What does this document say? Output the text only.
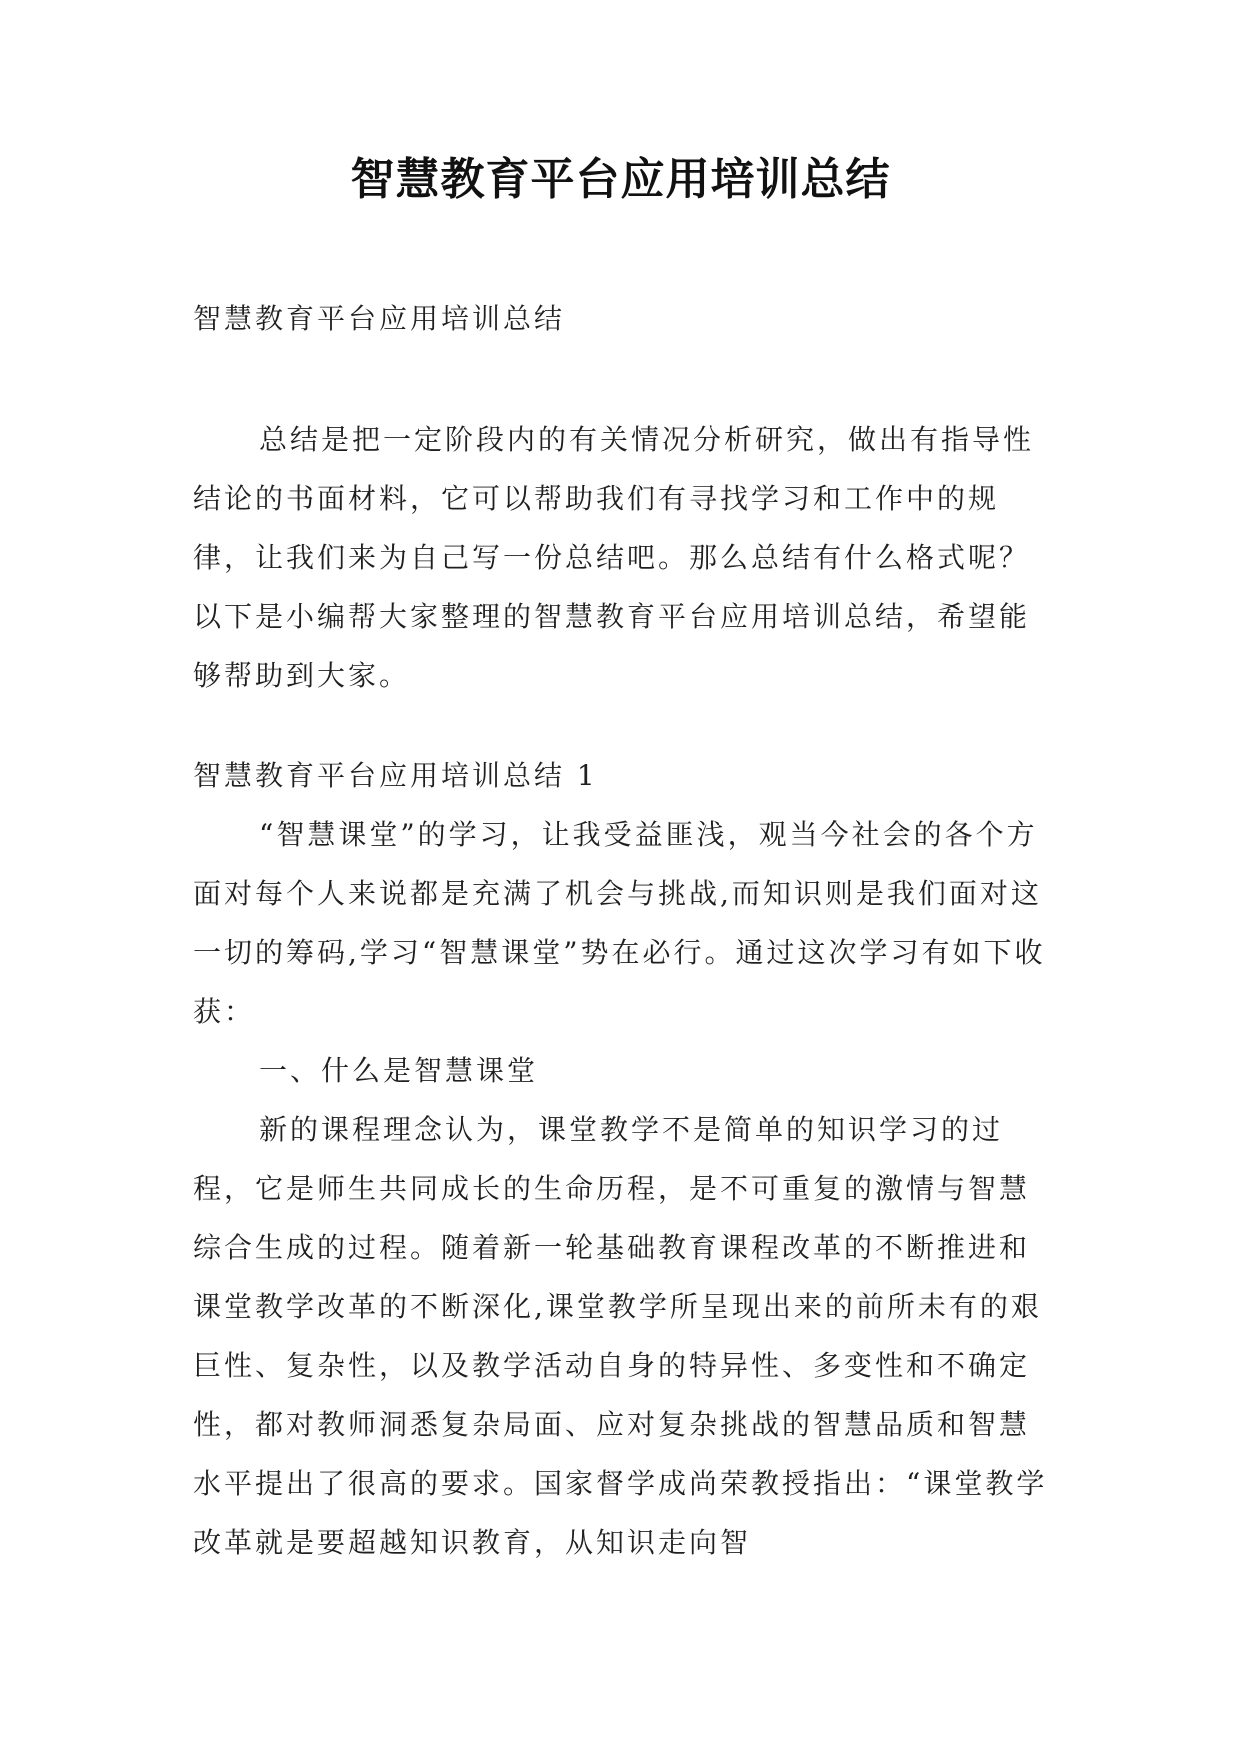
智慧教育平台应用培训总结

智慧教育平台应用培训总结

总结是把一定阶段内的有关情况分析研究，做出有指导性结论的书面材料，它可以帮助我们有寻找学习和工作中的规律，让我们来为自己写一份总结吧。那么总结有什么格式呢？以下是小编帮大家整理的智慧教育平台应用培训总结，希望能够帮助到大家。

智慧教育平台应用培训总结 1

“智慧课堂”的学习，让我受益匪浅，观当今社会的各个方面对每个人来说都是充满了机会与挑战,而知识则是我们面对这一切的筹码,学习“智慧课堂”势在必行。通过这次学习有如下收获：

一、什么是智慧课堂

新的课程理念认为，课堂教学不是简单的知识学习的过程，它是师生共同成长的生命历程，是不可重复的激情与智慧综合生成的过程。随着新一轮基础教育课程改革的不断推进和课堂教学改革的不断深化,课堂教学所呈现出来的前所未有的艰巨性、复杂性，以及教学活动自身的特异性、多变性和不确定性，都对教师洞悉复杂局面、应对复杂挑战的智慧品质和智慧水平提出了很高的要求。国家督学成尚荣教授指出：“课堂教学改革就是要超越知识教育，从知识走向智
